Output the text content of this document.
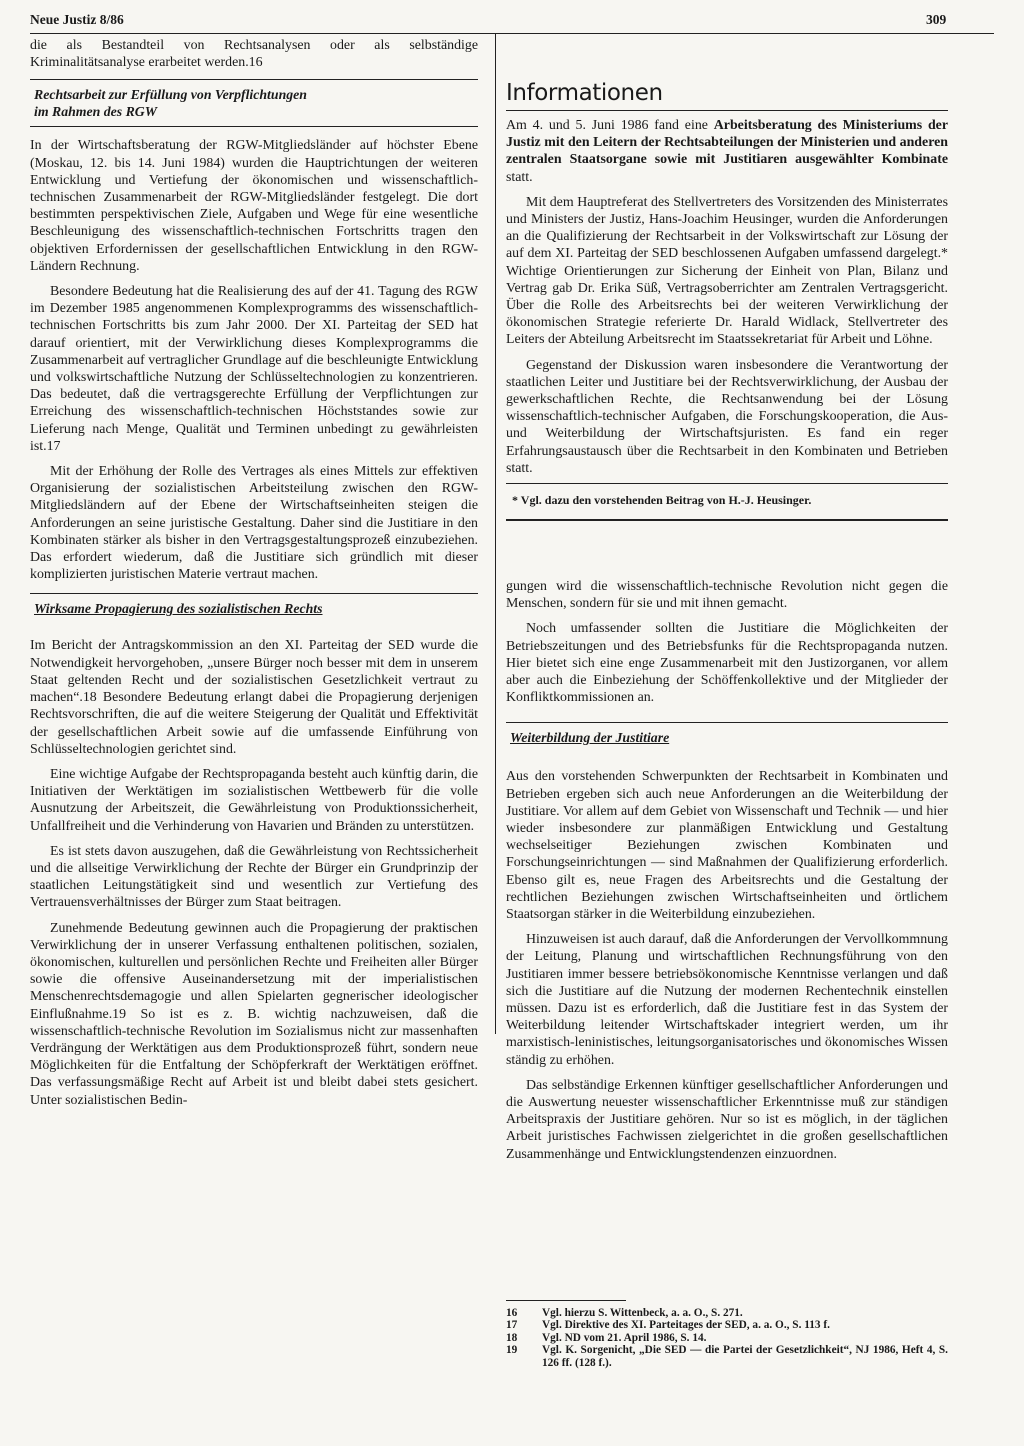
Neue Justiz 8/86	309

die als Bestandteil von Rechtsanalysen oder als selbständige Kriminalitätsanalyse erarbeitet werden.16

Rechtsarbeit zur Erfüllung von Verpflichtungen
im Rahmen des RGW

In der Wirtschaftsberatung der RGW-Mitgliedsländer auf höchster Ebene (Moskau, 12. bis 14. Juni 1984) wurden die Hauptrichtungen der weiteren Entwicklung und Vertiefung der ökonomischen und wissenschaftlich-technischen Zusammenarbeit der RGW-Mitgliedsländer festgelegt. Die dort bestimmten perspektivischen Ziele, Aufgaben und Wege für eine wesentliche Beschleunigung des wissenschaftlich-technischen Fortschritts tragen den objektiven Erfordernissen der gesellschaftlichen Entwicklung in den RGW-Ländern Rechnung.

Besondere Bedeutung hat die Realisierung des auf der 41. Tagung des RGW im Dezember 1985 angenommenen Komplexprogramms des wissenschaftlich-technischen Fortschritts bis zum Jahr 2000. Der XI. Parteitag der SED hat darauf orientiert, mit der Verwirklichung dieses Komplexprogramms die Zusammenarbeit auf vertraglicher Grundlage auf die beschleunigte Entwicklung und volkswirtschaftliche Nutzung der Schlüsseltechnologien zu konzentrieren. Das bedeutet, daß die vertragsgerechte Erfüllung der Verpflichtungen zur Erreichung des wissenschaftlich-technischen Höchststandes sowie zur Lieferung nach Menge, Qualität und Terminen unbedingt zu gewährleisten ist.17

Mit der Erhöhung der Rolle des Vertrages als eines Mittels zur effektiven Organisierung der sozialistischen Arbeitsteilung zwischen den RGW-Mitgliedsländern auf der Ebene der Wirtschaftseinheiten steigen die Anforderungen an seine juristische Gestaltung. Daher sind die Justitiare in den Kombinaten stärker als bisher in den Vertragsgestaltungsprozeß einzubeziehen. Das erfordert wiederum, daß die Justitiare sich gründlich mit dieser komplizierten juristischen Materie vertraut machen.

Wirksame Propagierung des sozialistischen Rechts

Im Bericht der Antragskommission an den XI. Parteitag der SED wurde die Notwendigkeit hervorgehoben, „unsere Bürger noch besser mit dem in unserem Staat geltenden Recht und der sozialistischen Gesetzlichkeit vertraut zu machen“.18 Besondere Bedeutung erlangt dabei die Propagierung derjenigen Rechtsvorschriften, die auf die weitere Steigerung der Qualität und Effektivität der gesellschaftlichen Arbeit sowie auf die umfassende Einführung von Schlüsseltechnologien gerichtet sind.

Eine wichtige Aufgabe der Rechtspropaganda besteht auch künftig darin, die Initiativen der Werktätigen im sozialistischen Wettbewerb für die volle Ausnutzung der Arbeitszeit, die Gewährleistung von Produktionssicherheit, Unfallfreiheit und die Verhinderung von Havarien und Bränden zu unterstützen.

Es ist stets davon auszugehen, daß die Gewährleistung von Rechtssicherheit und die allseitige Verwirklichung der Rechte der Bürger ein Grundprinzip der staatlichen Leitungstätigkeit sind und wesentlich zur Vertiefung des Vertrauensverhältnisses der Bürger zum Staat beitragen.

Zunehmende Bedeutung gewinnen auch die Propagierung der praktischen Verwirklichung der in unserer Verfassung enthaltenen politischen, sozialen, ökonomischen, kulturellen und persönlichen Rechte und Freiheiten aller Bürger sowie die offensive Auseinandersetzung mit der imperialistischen Menschenrechtsdemagogie und allen Spielarten gegnerischer ideologischer Einflußnahme.19 So ist es z. B. wichtig nachzuweisen, daß die wissenschaftlich-technische Revolution im Sozialismus nicht zur massenhaften Verdrängung der Werktätigen aus dem Produktionsprozeß führt, sondern neue Möglichkeiten für die Entfaltung der Schöpferkraft der Werktätigen eröffnet. Das verfassungsmäßige Recht auf Arbeit ist und bleibt dabei stets gesichert. Unter sozialistischen Bedin-

Informationen

Am 4. und 5. Juni 1986 fand eine Arbeitsberatung des Ministeriums der Justiz mit den Leitern der Rechtsabteilungen der Ministerien und anderen zentralen Staatsorgane sowie mit Justitiaren ausgewählter Kombinate statt.

Mit dem Hauptreferat des Stellvertreters des Vorsitzenden des Ministerrates und Ministers der Justiz, Hans-Joachim Heusinger, wurden die Anforderungen an die Qualifizierung der Rechtsarbeit in der Volkswirtschaft zur Lösung der auf dem XI. Parteitag der SED beschlossenen Aufgaben umfassend dargelegt.* Wichtige Orientierungen zur Sicherung der Einheit von Plan, Bilanz und Vertrag gab Dr. Erika Süß, Vertragsoberrichter am Zentralen Vertragsgericht. Über die Rolle des Arbeitsrechts bei der weiteren Verwirklichung der ökonomischen Strategie referierte Dr. Harald Widlack, Stellvertreter des Leiters der Abteilung Arbeitsrecht im Staatssekretariat für Arbeit und Löhne.

Gegenstand der Diskussion waren insbesondere die Verantwortung der staatlichen Leiter und Justitiare bei der Rechtsverwirklichung, der Ausbau der gewerkschaftlichen Rechte, die Rechtsanwendung bei der Lösung wissenschaftlich-technischer Aufgaben, die Forschungskooperation, die Aus- und Weiterbildung der Wirtschaftsjuristen. Es fand ein reger Erfahrungsaustausch über die Rechtsarbeit in den Kombinaten und Betrieben statt.

* Vgl. dazu den vorstehenden Beitrag von H.-J. Heusinger.

gungen wird die wissenschaftlich-technische Revolution nicht gegen die Menschen, sondern für sie und mit ihnen gemacht.

Noch umfassender sollten die Justitiare die Möglichkeiten der Betriebszeitungen und des Betriebsfunks für die Rechtspropaganda nutzen. Hier bietet sich eine enge Zusammenarbeit mit den Justizorganen, vor allem aber auch die Einbeziehung der Schöffenkollektive und der Mitglieder der Konfliktkommissionen an.

Weiterbildung der Justitiare

Aus den vorstehenden Schwerpunkten der Rechtsarbeit in Kombinaten und Betrieben ergeben sich auch neue Anforderungen an die Weiterbildung der Justitiare. Vor allem auf dem Gebiet von Wissenschaft und Technik — und hier wieder insbesondere zur planmäßigen Entwicklung und Gestaltung wechselseitiger Beziehungen zwischen Kombinaten und Forschungseinrichtungen — sind Maßnahmen der Qualifizierung erforderlich. Ebenso gilt es, neue Fragen des Arbeitsrechts und die Gestaltung der rechtlichen Beziehungen zwischen Wirtschaftseinheiten und örtlichem Staatsorgan stärker in die Weiterbildung einzubeziehen.

Hinzuweisen ist auch darauf, daß die Anforderungen der Vervollkommnung der Leitung, Planung und wirtschaftlichen Rechnungsführung von den Justitiaren immer bessere betriebsökonomische Kenntnisse verlangen und daß sich die Justitiare auf die Nutzung der modernen Rechentechnik einstellen müssen. Dazu ist es erforderlich, daß die Justitiare fest in das System der Weiterbildung leitender Wirtschaftskader integriert werden, um ihr marxistisch-leninistisches, leitungsorganisatorisches und ökonomisches Wissen ständig zu erhöhen.

Das selbständige Erkennen künftiger gesellschaftlicher Anforderungen und die Auswertung neuester wissenschaftlicher Erkenntnisse muß zur ständigen Arbeitspraxis der Justitiare gehören. Nur so ist es möglich, in der täglichen Arbeit juristisches Fachwissen zielgerichtet in die großen gesellschaftlichen Zusammenhänge und Entwicklungstendenzen einzuordnen.

16	Vgl. hierzu S. Wittenbeck, a. a. O., S. 271.
17	Vgl. Direktive des XI. Parteitages der SED, a. a. O., S. 113 f.
18	Vgl. ND vom 21. April 1986, S. 14.
19	Vgl. K. Sorgenicht, „Die SED — die Partei der Gesetzlichkeit“, NJ 1986, Heft 4, S. 126 ff. (128 f.).
